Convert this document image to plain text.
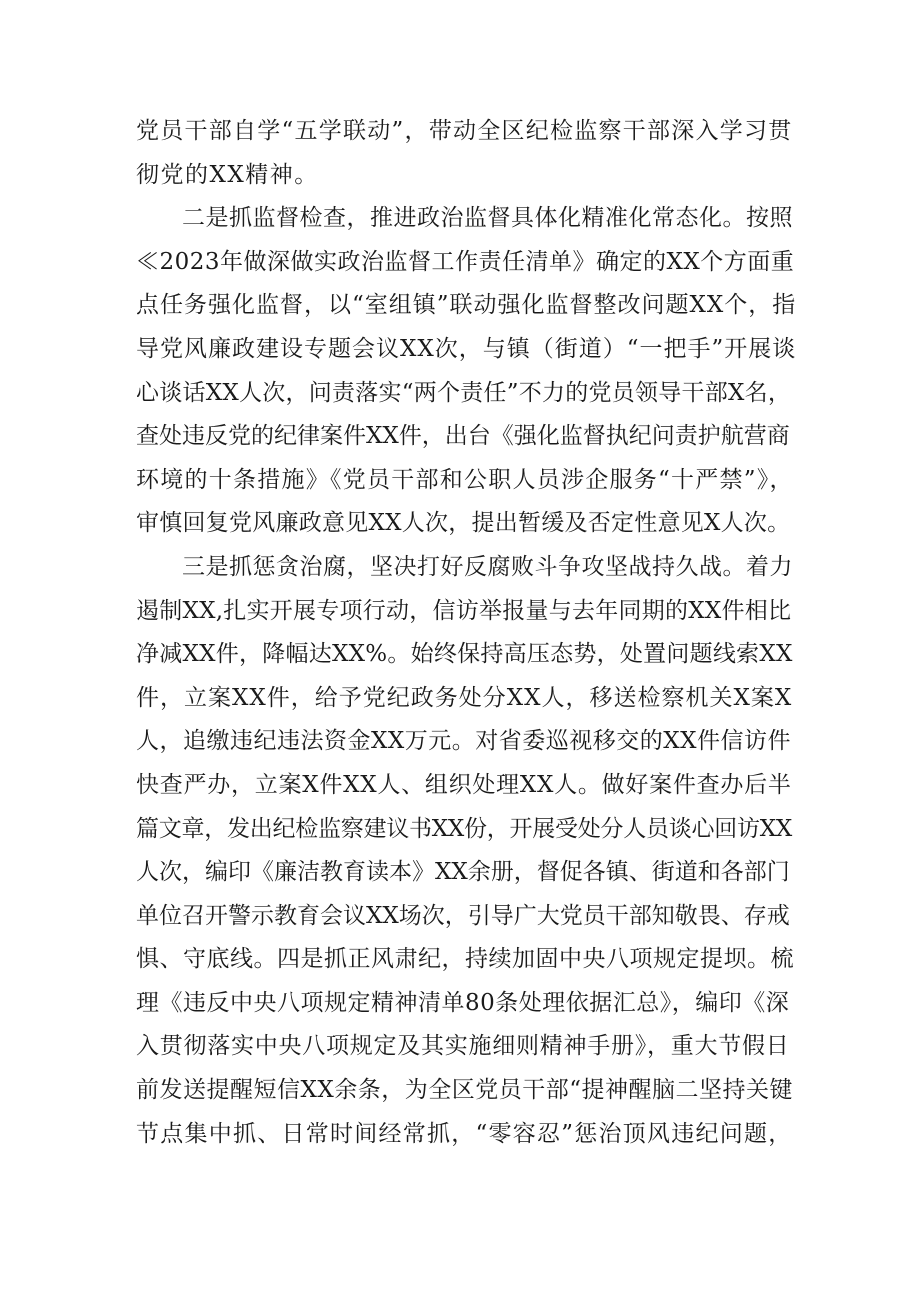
党员干部自学“五学联动”，带动全区纪检监察干部深入学习贯
彻党的XX精神。
二是抓监督检查，推进政治监督具体化精准化常态化。按照
≪2023年做深做实政治监督工作责任清单》确定的XX个方面重
点任务强化监督，以“室组镇”联动强化监督整改问题XX个，指
导党风廉政建设专题会议XX次，与镇（街道）“一把手”开展谈
心谈话XX人次，问责落实“两个责任”不力的党员领导干部X名，
查处违反党的纪律案件XX件，出台《强化监督执纪问责护航营商
环境的十条措施》《党员干部和公职人员涉企服务“十严禁”》，
审慎回复党风廉政意见XX人次，提出暂缓及否定性意见X人次。
三是抓惩贪治腐，坚决打好反腐败斗争攻坚战持久战。着力
遏制XX,扎实开展专项行动，信访举报量与去年同期的XX件相比
净减XX件，降幅达XX%。始终保持高压态势，处置问题线索XX
件，立案XX件，给予党纪政务处分XX人，移送检察机关X案X
人，追缴违纪违法资金XX万元。对省委巡视移交的XX件信访件
快查严办，立案X件XX人、组织处理XX人。做好案件查办后半
篇文章，发出纪检监察建议书XX份，开展受处分人员谈心回访XX
人次，编印《廉洁教育读本》XX余册，督促各镇、街道和各部门
单位召开警示教育会议XX场次，引导广大党员干部知敬畏、存戒
惧、守底线。四是抓正风肃纪，持续加固中央八项规定提坝。梳
理《违反中央八项规定精神清单80条处理依据汇总》，编印《深
入贯彻落实中央八项规定及其实施细则精神手册》，重大节假日
前发送提醒短信XX余条，为全区党员干部“提神醒脑二坚持关键
节点集中抓、日常时间经常抓，“零容忍”惩治顶风违纪问题，
